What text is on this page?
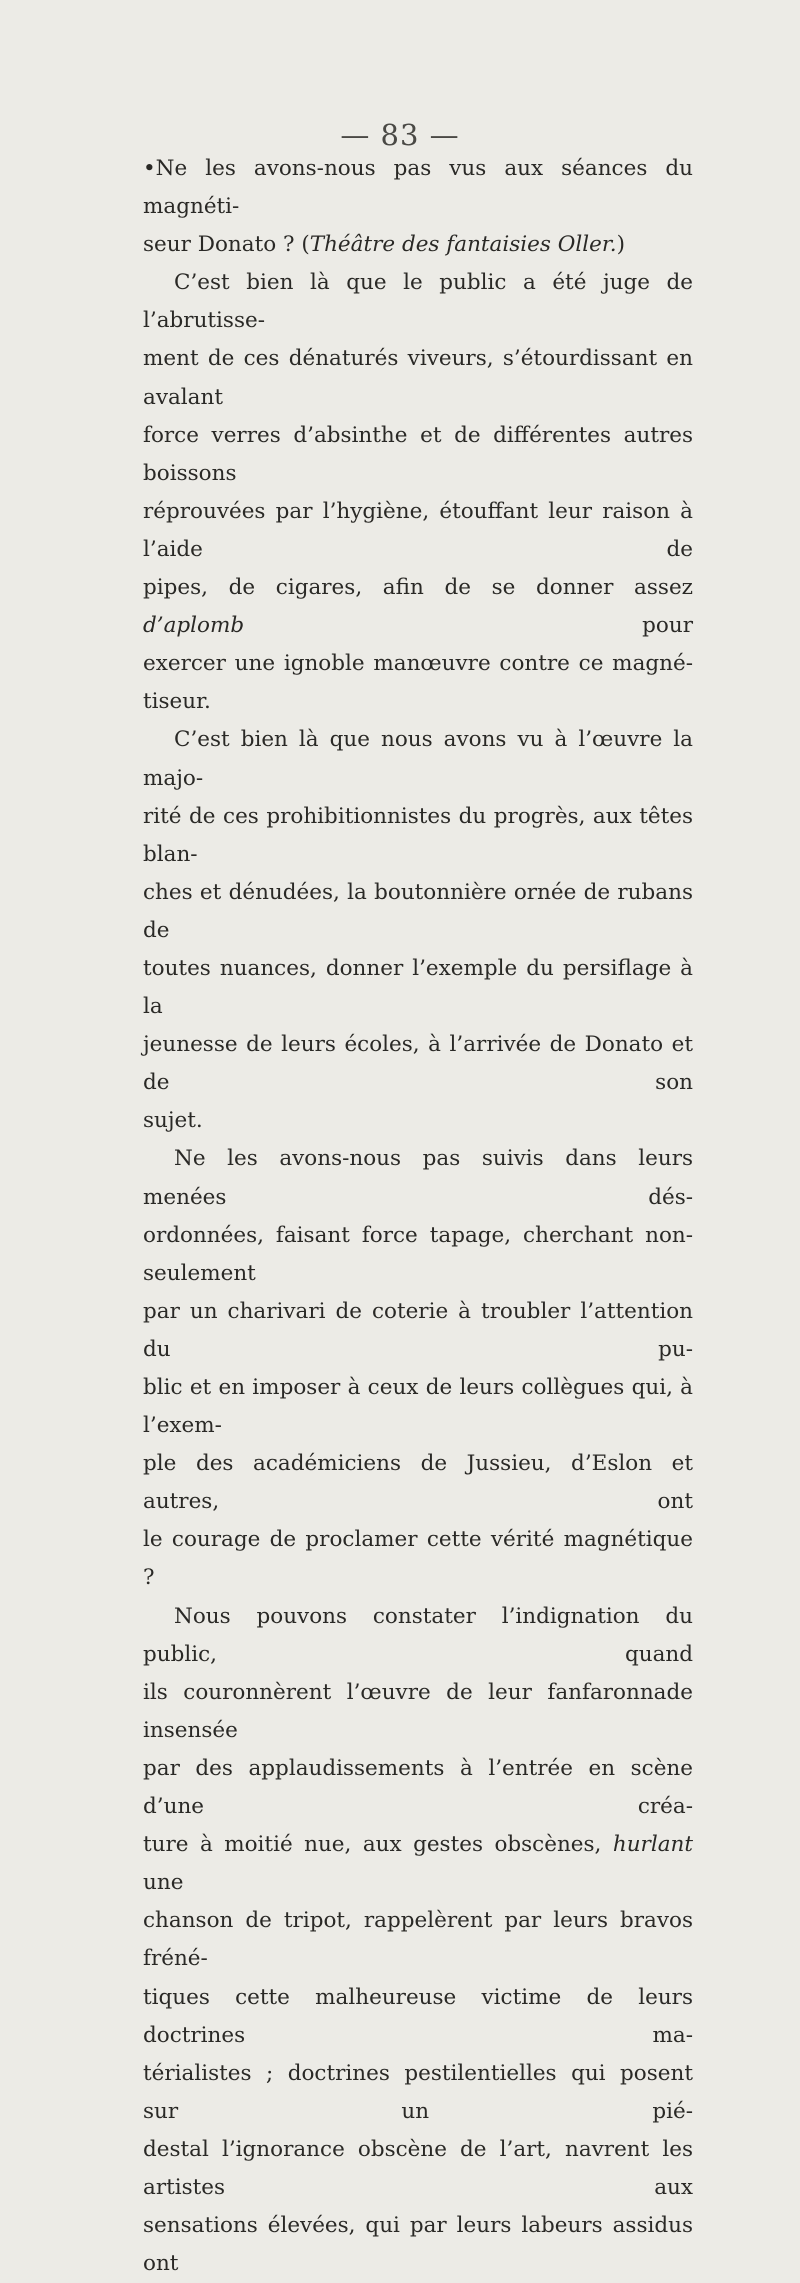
— 83 —

•Ne les avons-nous pas vus aux séances du magnéti-

seur Donato ? (Théâtre des fantaisies Oller.)

C’est bien là que le public a été juge de l’abrutisse-

ment de ces dénaturés viveurs, s’étourdissant en avalant

force verres d’absinthe et de différentes autres boissons

réprouvées par l’hygiène, étouffant leur raison à l’aide de

pipes, de cigares, afin de se donner assez d’aplomb pour

exercer une ignoble manœuvre contre ce magné-

tiseur.

C’est bien là que nous avons vu à l’œuvre la majo-

rité de ces prohibitionnistes du progrès, aux têtes blan-

ches et dénudées, la boutonnière ornée de rubans de

toutes nuances, donner l’exemple du persiflage à la

jeunesse de leurs écoles, à l’arrivée de Donato et de son

sujet.

Ne les avons-nous pas suivis dans leurs menées dés-

ordonnées, faisant force tapage, cherchant non-seulement

par un charivari de coterie à troubler l’attention du pu-

blic et en imposer à ceux de leurs collègues qui, à l’exem-

ple des académiciens de Jussieu, d’Eslon et autres, ont

le courage de proclamer cette vérité magnétique ?

Nous pouvons constater l’indignation du public, quand

ils couronnèrent l’œuvre de leur fanfaronnade insensée

par des applaudissements à l’entrée en scène d’une créa-

ture à moitié nue, aux gestes obscènes, hurlant une

chanson de tripot, rappelèrent par leurs bravos fréné-

tiques cette malheureuse victime de leurs doctrines ma-

térialistes ; doctrines pestilentielles qui posent sur un pié-

destal l’ignorance obscène de l’art, navrent les artistes aux

sensations élevées, qui par leurs labeurs assidus ont
